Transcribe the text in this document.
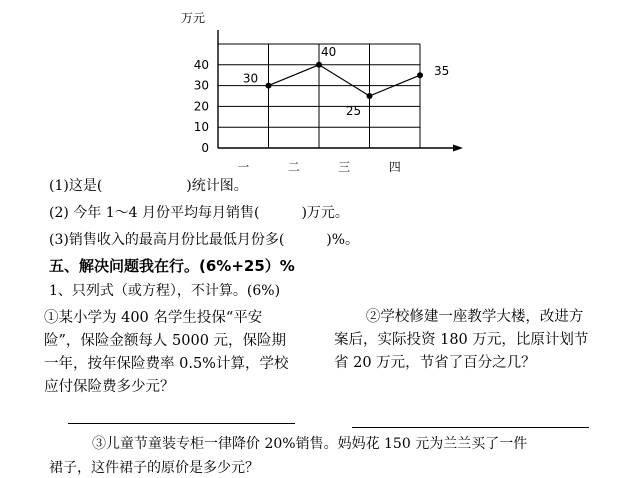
0
10
20
30
40
一	二	三	四
30
40
25
35
万元
(1)这是(　　　　　　)统计图。
(2) 今年 1～4 月份平均每月销售(　　　)万元。
(3)销售收入的最高月份比最低月份多(　　　)%。
五、解决问题我在行。(6%+25）%
1、只列式（或方程），不计算。(6%)
①某小学为 400 名学生投保“平安险”，保险金额每人 5000 元，保险期一年，按年保险费率 0.5%计算，学校应付保险费多少元？
②学校修建一座教学大楼，改进方案后，实际投资 180 万元，比原计划节省 20 万元，节省了百分之几？
③儿童节童装专柜一律降价 20%销售。妈妈花 150 元为兰兰买了一件
裙子，这件裙子的原价是多少元？
